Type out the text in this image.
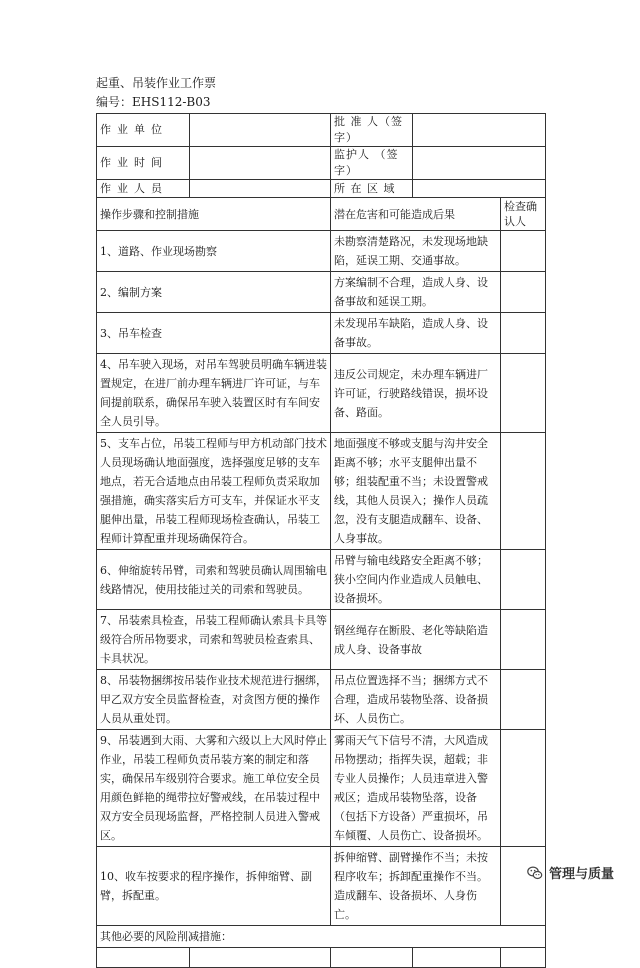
起重、吊装作业工作票
编号：EHS112-B03
作业单位		批 准 人（签字）		
作业时间		监护人 （签字）		
作业人员		所 在 区 域		
操作步骤和控制措施		潜在危害和可能造成后果		检查确认人
1、道路、作业现场勘察		未勘察清楚路况，未发现场地缺陷，延误工期、交通事故。		
2、编制方案		方案编制不合理，造成人身、设备事故和延误工期。		
3、吊车检查		未发现吊车缺陷，造成人身、设备事故。		
4、吊车驶入现场，对吊车驾驶员明确车辆进装置规定，在进厂前办理车辆进厂许可证，与车间提前联系，确保吊车驶入装置区时有车间安全人员引导。		违反公司规定，未办理车辆进厂许可证，行驶路线错误，损坏设备、路面。		
5、支车占位，吊装工程师与甲方机动部门技术人员现场确认地面强度，选择强度足够的支车地点，若无合适地点由吊装工程师负责采取加强措施，确实落实后方可支车，并保证水平支腿伸出量，吊装工程师现场检查确认，吊装工程师计算配重并现场确保符合。		地面强度不够或支腿与沟井安全距离不够；水平支腿伸出量不够；组装配重不当；未设置警戒线，其他人员误入；操作人员疏忽，没有支腿造成翻车、设备、人身事故。		
6、伸缩旋转吊臂，司索和驾驶员确认周围输电线路情况，使用技能过关的司索和驾驶员。		吊臂与输电线路安全距离不够；狭小空间内作业造成人员触电、设备损坏。		
7、吊装索具检查，吊装工程师确认索具卡具等级符合所吊物要求，司索和驾驶员检查索具、卡具状况。		钢丝绳存在断股、老化等缺陷造成人身、设备事故		
8、吊装物捆绑按吊装作业技术规范进行捆绑，甲乙双方安全员监督检查，对贪图方便的操作人员从重处罚。		吊点位置选择不当；捆绑方式不合理，造成吊装物坠落、设备损坏、人员伤亡。		
9、吊装遇到大雨、大雾和六级以上大风时停止作业，吊装工程师负责吊装方案的制定和落实，确保吊车级别符合要求。施工单位安全员用颜色鲜艳的绳带拉好警戒线，在吊装过程中双方安全员现场监督，严格控制人员进入警戒区。		雾雨天气下信号不清，大风造成吊物摆动；指挥失误，超载；非专业人员操作；人员违章进入警戒区；造成吊装物坠落，设备（包括下方设备）严重损坏，吊车倾覆、人员伤亡、设备损坏。		
10、收车按要求的程序操作，拆伸缩臂、副臂，拆配重。		拆伸缩臂、副臂操作不当；未按程序收车；拆卸配重操作不当。造成翻车、设备损坏、人身伤亡。		
其他必要的风险削减措施：				

管理与质量
